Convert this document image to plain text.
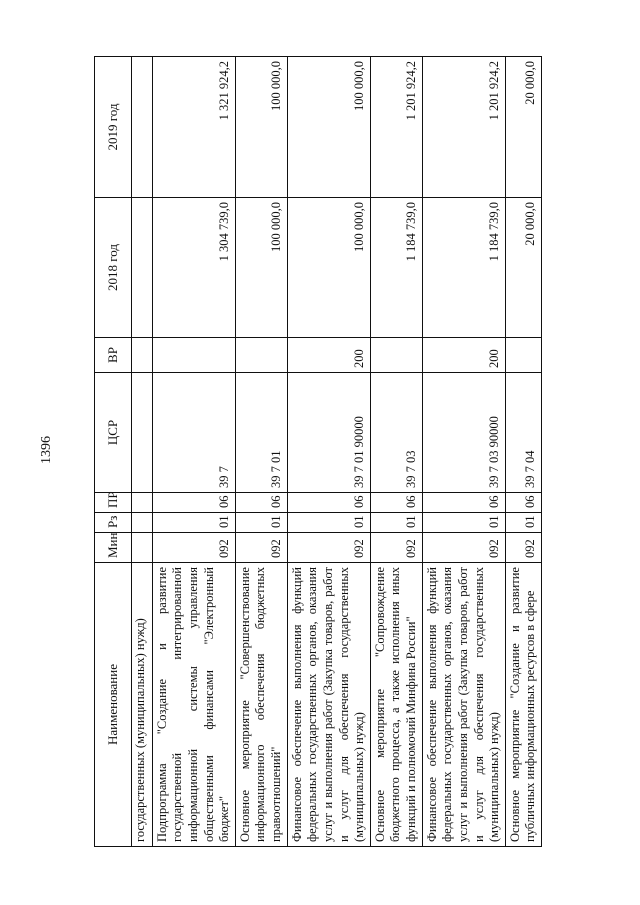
1396
Наименование	Мин	Рз	ПР	ЦСР	ВР	2018 год	2019 год
государственных (муниципальных) нужд)							
Подпрограмма "Создание и развитие государственной интегрированной информационной системы управления общественными финансами "Электронный бюджет"	092	01	06	39 7		1 304 739,0	1 321 924,2
Основное мероприятие "Совершенствование информационного обеспечения бюджетных правоотношений"	092	01	06	39 7 01		100 000,0	100 000,0
Финансовое обеспечение выполнения функций федеральных государственных органов, оказания услуг и выполнения работ (Закупка товаров, работ и услуг для обеспечения государственных (муниципальных) нужд)	092	01	06	39 7 01 90000	200	100 000,0	100 000,0
Основное мероприятие "Сопровождение бюджетного процесса, а также исполнения иных функций и полномочий Минфина России"	092	01	06	39 7 03		1 184 739,0	1 201 924,2
Финансовое обеспечение выполнения функций федеральных государственных органов, оказания услуг и выполнения работ (Закупка товаров, работ и услуг для обеспечения государственных (муниципальных) нужд)	092	01	06	39 7 03 90000	200	1 184 739,0	1 201 924,2
Основное мероприятие "Создание и развитие публичных информационных ресурсов в сфере	092	01	06	39 7 04		20 000,0	20 000,0
